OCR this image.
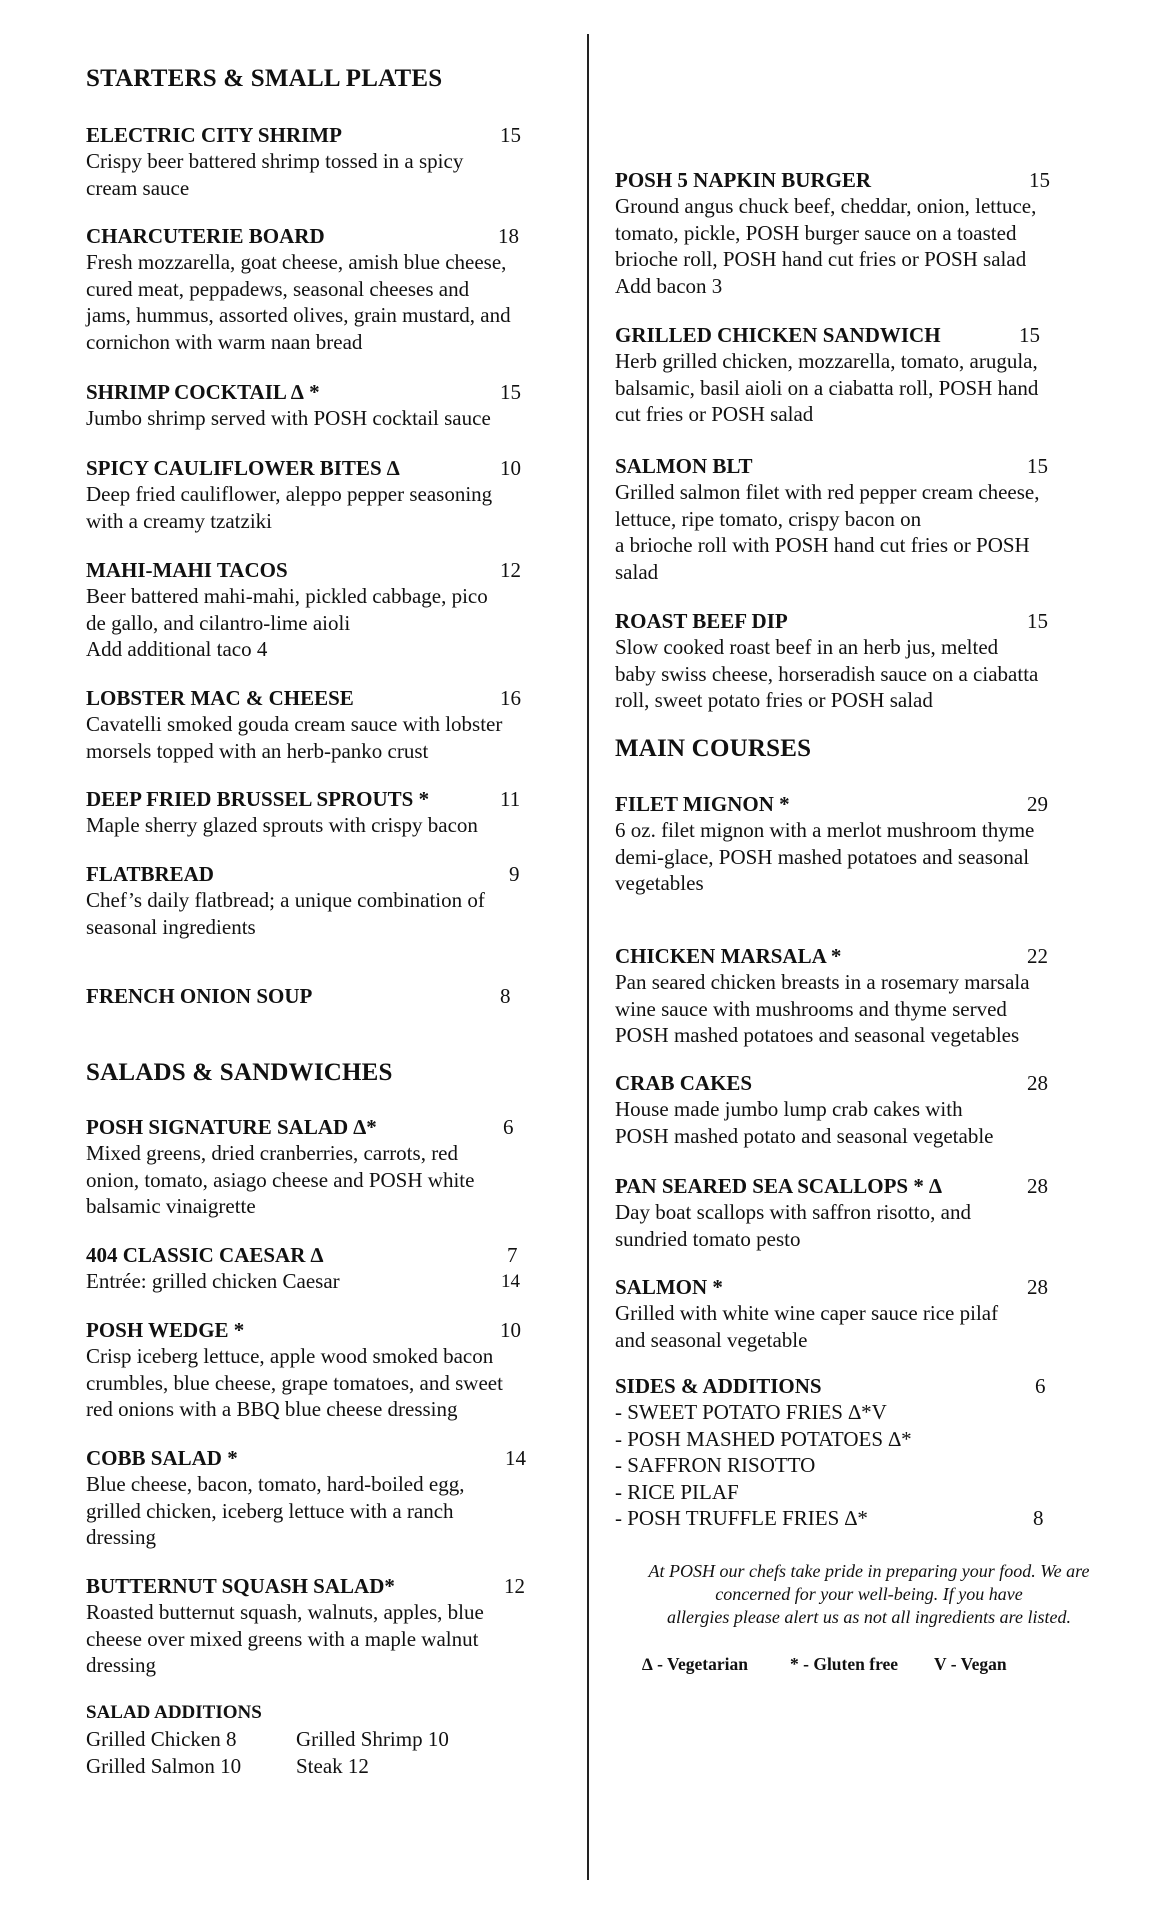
STARTERS & SMALL PLATES
ELECTRIC CITY SHRIMP	15
Crispy beer battered shrimp tossed in a spicy
cream sauce
CHARCUTERIE BOARD	18
Fresh mozzarella, goat cheese, amish blue cheese,
cured meat, peppadews, seasonal cheeses and
jams, hummus, assorted olives, grain mustard, and
cornichon with warm naan bread
SHRIMP COCKTAIL ∆ *	15
Jumbo shrimp served with POSH cocktail sauce
SPICY CAULIFLOWER BITES ∆	10
Deep fried cauliflower, aleppo pepper seasoning
with a creamy tzatziki
MAHI-MAHI TACOS	12
Beer battered mahi-mahi, pickled cabbage, pico
de gallo, and cilantro-lime aioli
Add additional taco 4
LOBSTER MAC & CHEESE	16
Cavatelli smoked gouda cream sauce with lobster
morsels topped with an herb-panko crust
DEEP FRIED BRUSSEL SPROUTS *	11
Maple sherry glazed sprouts with crispy bacon
FLATBREAD	9
Chef’s daily flatbread; a unique combination of
seasonal ingredients
FRENCH ONION SOUP	8
SALADS & SANDWICHES
POSH SIGNATURE SALAD ∆*	6
Mixed greens, dried cranberries, carrots, red
onion, tomato, asiago cheese and POSH white
balsamic vinaigrette
404 CLASSIC CAESAR ∆	7
Entrée: grilled chicken Caesar	14
POSH WEDGE *	10
Crisp iceberg lettuce, apple wood smoked bacon
crumbles, blue cheese, grape tomatoes, and sweet
red onions with a BBQ blue cheese dressing
COBB SALAD *	14
Blue cheese, bacon, tomato, hard-boiled egg,
grilled chicken, iceberg lettuce with a ranch
dressing
BUTTERNUT SQUASH SALAD*	12
Roasted butternut squash, walnuts, apples, blue
cheese over mixed greens with a maple walnut
dressing
SALAD ADDITIONS
Grilled Chicken 8	Grilled Shrimp 10
Grilled Salmon 10	Steak 12
POSH 5 NAPKIN BURGER	15
Ground angus chuck beef, cheddar, onion, lettuce,
tomato, pickle, POSH burger sauce on a toasted
brioche roll, POSH hand cut fries or POSH salad
Add bacon 3
GRILLED CHICKEN SANDWICH	15
Herb grilled chicken, mozzarella, tomato, arugula,
balsamic, basil aioli on a ciabatta roll, POSH hand
cut fries or POSH salad
SALMON BLT	15
Grilled salmon filet with red pepper cream cheese,
lettuce, ripe tomato, crispy bacon on
a brioche roll with POSH hand cut fries or POSH
salad
ROAST BEEF DIP	15
Slow cooked roast beef in an herb jus, melted
baby swiss cheese, horseradish sauce on a ciabatta
roll, sweet potato fries or POSH salad
MAIN COURSES
FILET MIGNON *	29
6 oz. filet mignon with a merlot mushroom thyme
demi-glace, POSH mashed potatoes and seasonal
vegetables
CHICKEN MARSALA *	22
Pan seared chicken breasts in a rosemary marsala
wine sauce with mushrooms and thyme served
POSH mashed potatoes and seasonal vegetables
CRAB CAKES	28
House made jumbo lump crab cakes with
POSH mashed potato and seasonal vegetable
PAN SEARED SEA SCALLOPS * ∆	28
Day boat scallops with saffron risotto, and
sundried tomato pesto
SALMON *	28
Grilled with white wine caper sauce rice pilaf
and seasonal vegetable
SIDES & ADDITIONS	6
- SWEET POTATO FRIES ∆*V
- POSH MASHED POTATOES ∆*
- SAFFRON RISOTTO
- RICE PILAF
- POSH TRUFFLE FRIES ∆*	8
At POSH our chefs take pride in preparing your food. We are
concerned for your well-being. If you have
allergies please alert us as not all ingredients are listed.
∆ - Vegetarian * - Gluten free V - Vegan
